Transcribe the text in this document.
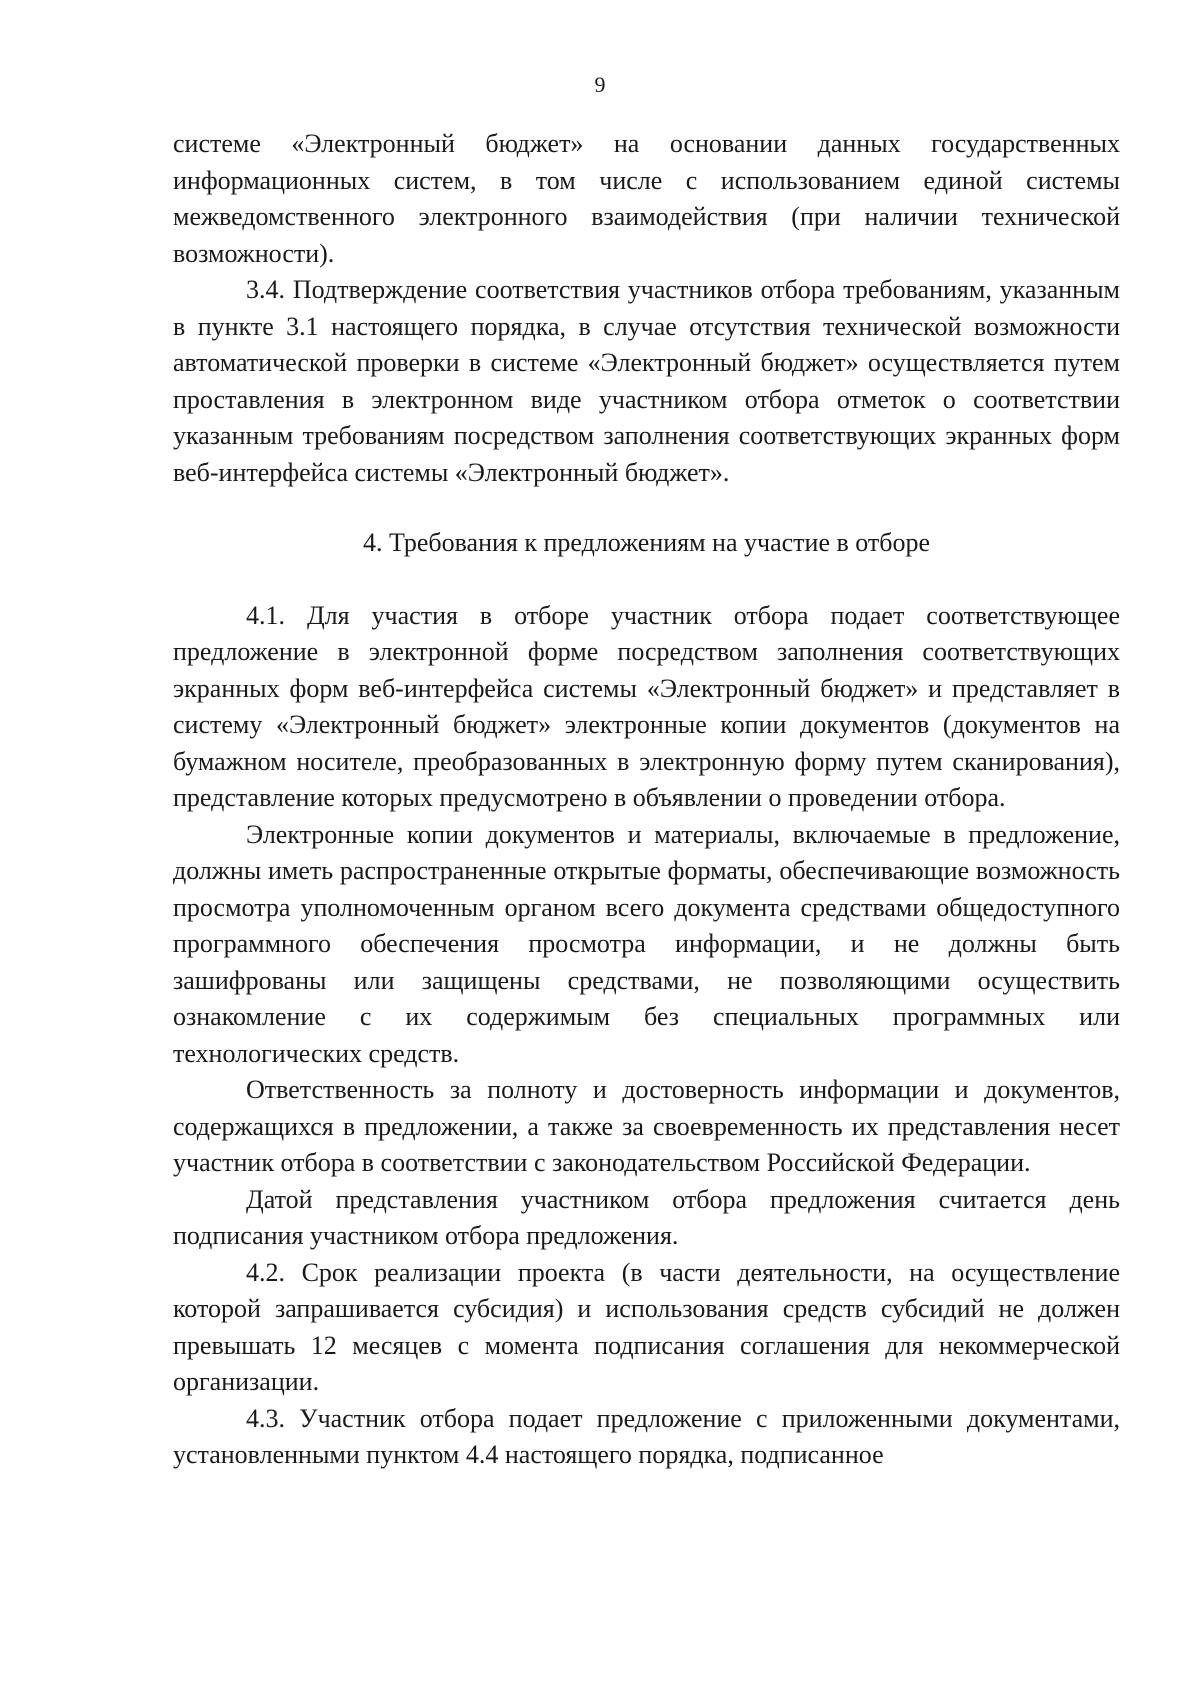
9

системе «Электронный бюджет» на основании данных государственных информационных систем, в том числе с использованием единой системы межведомственного электронного взаимодействия (при наличии технической возможности).

3.4. Подтверждение соответствия участников отбора требованиям, указанным в пункте 3.1 настоящего порядка, в случае отсутствия технической возможности автоматической проверки в системе «Электронный бюджет» осуществляется путем проставления в электронном виде участником отбора отметок о соответствии указанным требованиям посредством заполнения соответствующих экранных форм веб-интерфейса системы «Электронный бюджет».

4. Требования к предложениям на участие в отборе

4.1. Для участия в отборе участник отбора подает соответствующее предложение в электронной форме посредством заполнения соответствующих экранных форм веб-интерфейса системы «Электронный бюджет» и представляет в систему «Электронный бюджет» электронные копии документов (документов на бумажном носителе, преобразованных в электронную форму путем сканирования), представление которых предусмотрено в объявлении о проведении отбора.

Электронные копии документов и материалы, включаемые в предложение, должны иметь распространенные открытые форматы, обеспечивающие возможность просмотра уполномоченным органом всего документа средствами общедоступного программного обеспечения просмотра информации, и не должны быть зашифрованы или защищены средствами, не позволяющими осуществить ознакомление с их содержимым без специальных программных или технологических средств.

Ответственность за полноту и достоверность информации и документов, содержащихся в предложении, а также за своевременность их представления несет участник отбора в соответствии с законодательством Российской Федерации.

Датой представления участником отбора предложения считается день подписания участником отбора предложения.

4.2. Срок реализации проекта (в части деятельности, на осуществление которой запрашивается субсидия) и использования средств субсидий не должен превышать 12 месяцев с момента подписания соглашения для некоммерческой организации.

4.3. Участник отбора подает предложение с приложенными документами, установленными пунктом 4.4 настоящего порядка, подписанное
